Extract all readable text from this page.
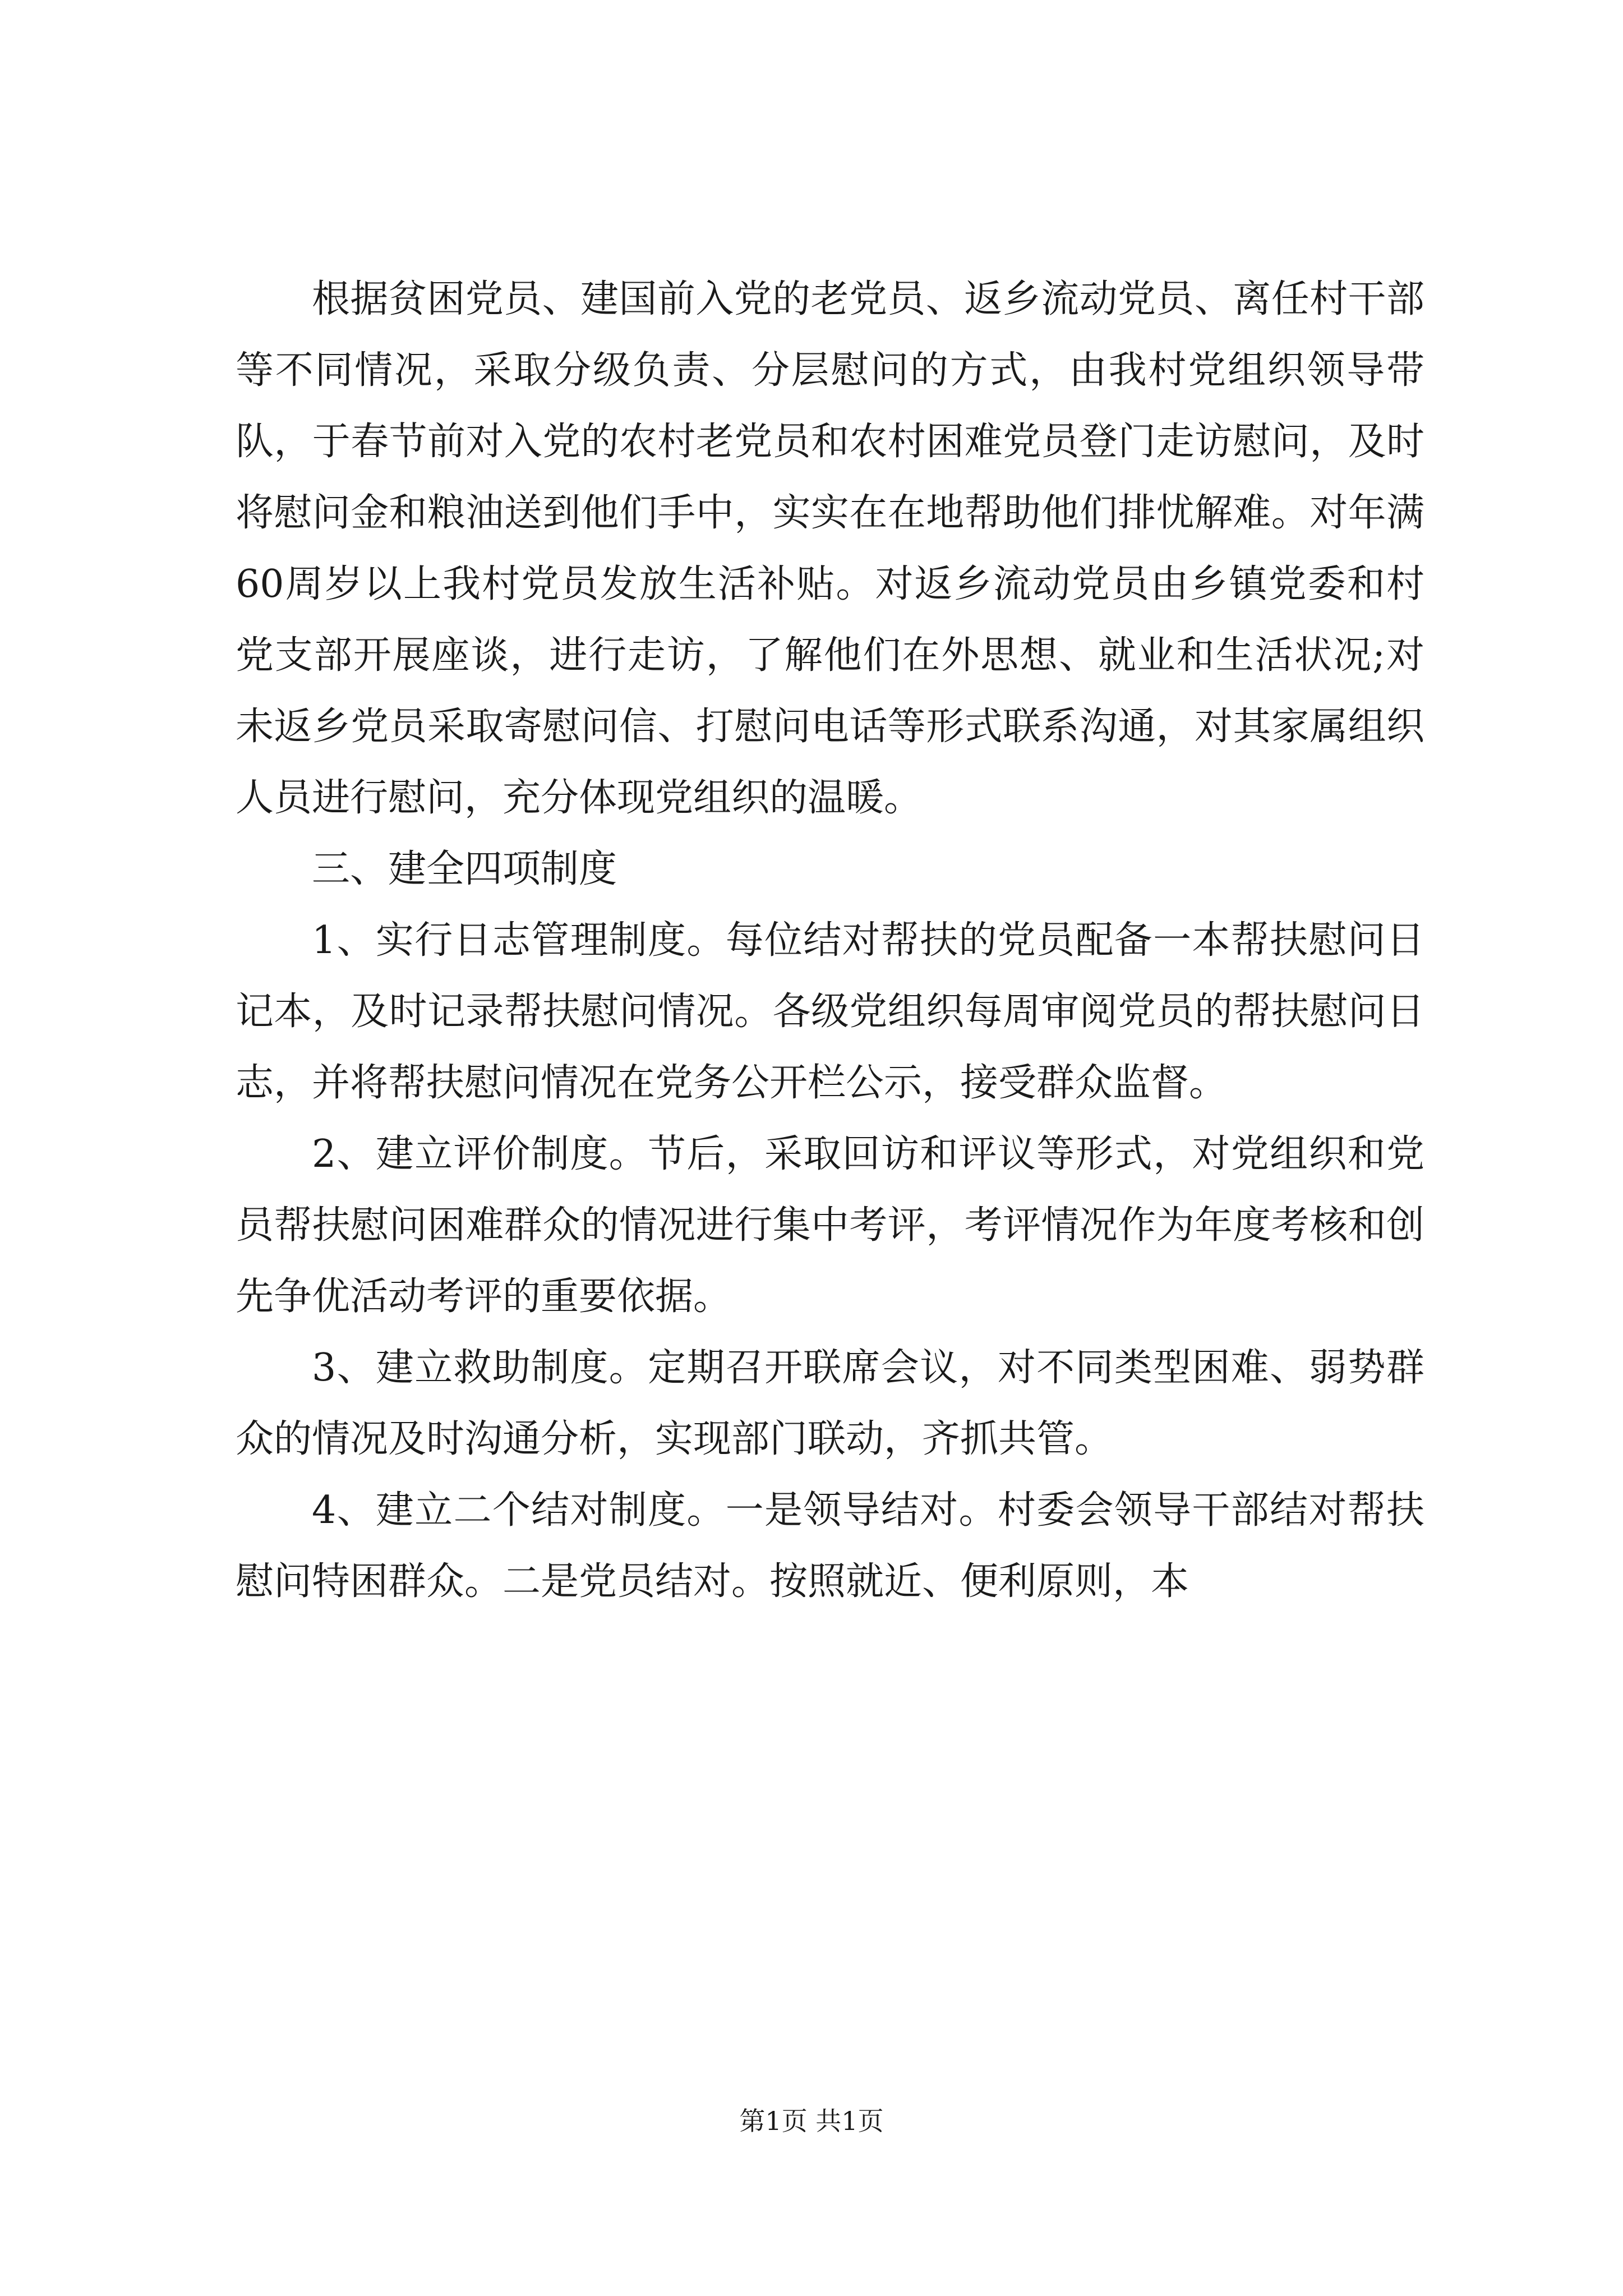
根据贫困党员、建国前入党的老党员、返乡流动党员、离任村干部等不同情况，采取分级负责、分层慰问的方式，由我村党组织领导带队，于春节前对入党的农村老党员和农村困难党员登门走访慰问，及时将慰问金和粮油送到他们手中，实实在在地帮助他们排忧解难。对年满60周岁以上我村党员发放生活补贴。对返乡流动党员由乡镇党委和村党支部开展座谈，进行走访，了解他们在外思想、就业和生活状况;对未返乡党员采取寄慰问信、打慰问电话等形式联系沟通，对其家属组织人员进行慰问，充分体现党组织的温暖。

三、建全四项制度

1、实行日志管理制度。每位结对帮扶的党员配备一本帮扶慰问日记本，及时记录帮扶慰问情况。各级党组织每周审阅党员的帮扶慰问日志，并将帮扶慰问情况在党务公开栏公示，接受群众监督。

2、建立评价制度。节后，采取回访和评议等形式，对党组织和党员帮扶慰问困难群众的情况进行集中考评，考评情况作为年度考核和创先争优活动考评的重要依据。

3、建立救助制度。定期召开联席会议，对不同类型困难、弱势群众的情况及时沟通分析，实现部门联动，齐抓共管。

4、建立二个结对制度。一是领导结对。村委会领导干部结对帮扶慰问特困群众。二是党员结对。按照就近、便利原则，本

第1页 共1页
